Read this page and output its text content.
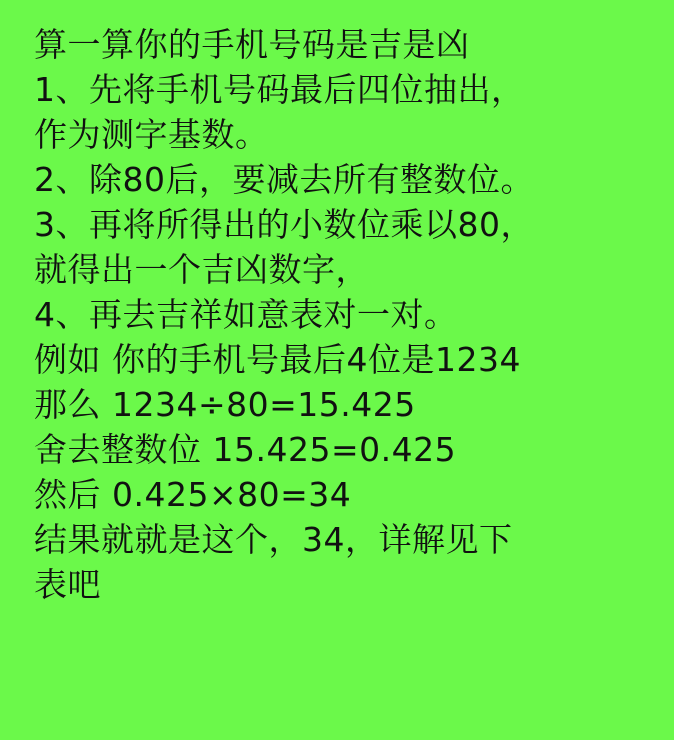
算一算你的手机号码是吉是凶
1、先将手机号码最后四位抽出，
作为测字基数。
2、除80后，要减去所有整数位。
3、再将所得出的小数位乘以80，
就得出一个吉凶数字，
4、再去吉祥如意表对一对。
例如 你的手机号最后4位是1234
那么 1234÷80=15.425
舍去整数位 15.425=0.425
然后 0.425×80=34
结果就就是这个，34，详解见下
表吧
